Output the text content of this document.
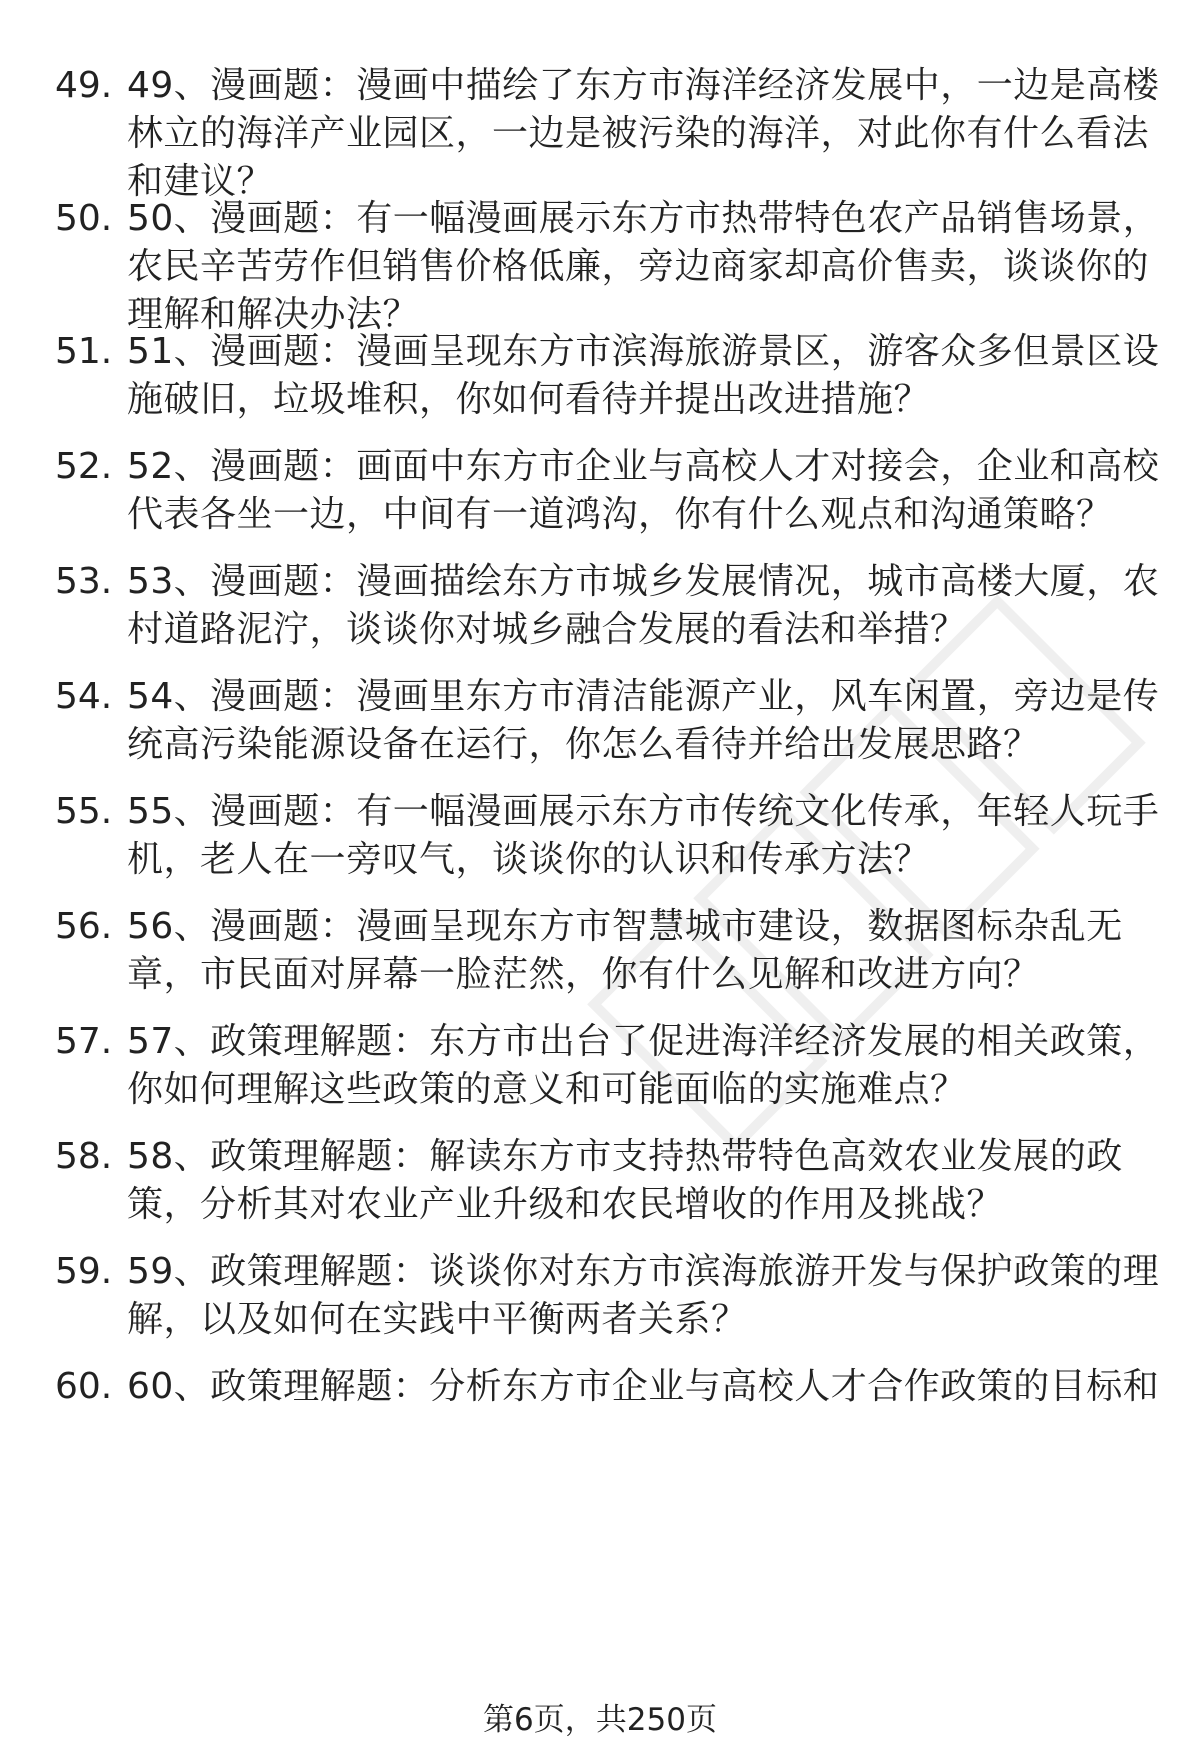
49. 49、漫画题：漫画中描绘了东方市海洋经济发展中，一边是高楼林立的海洋产业园区，一边是被污染的海洋，对此你有什么看法和建议？
50. 50、漫画题：有一幅漫画展示东方市热带特色农产品销售场景，农民辛苦劳作但销售价格低廉，旁边商家却高价售卖，谈谈你的理解和解决办法？
51. 51、漫画题：漫画呈现东方市滨海旅游景区，游客众多但景区设施破旧，垃圾堆积，你如何看待并提出改进措施？
52. 52、漫画题：画面中东方市企业与高校人才对接会，企业和高校代表各坐一边，中间有一道鸿沟，你有什么观点和沟通策略？
53. 53、漫画题：漫画描绘东方市城乡发展情况，城市高楼大厦，农村道路泥泞，谈谈你对城乡融合发展的看法和举措？
54. 54、漫画题：漫画里东方市清洁能源产业，风车闲置，旁边是传统高污染能源设备在运行，你怎么看待并给出发展思路？
55. 55、漫画题：有一幅漫画展示东方市传统文化传承，年轻人玩手机，老人在一旁叹气，谈谈你的认识和传承方法？
56. 56、漫画题：漫画呈现东方市智慧城市建设，数据图标杂乱无章，市民面对屏幕一脸茫然，你有什么见解和改进方向？
57. 57、政策理解题：东方市出台了促进海洋经济发展的相关政策，你如何理解这些政策的意义和可能面临的实施难点？
58. 58、政策理解题：解读东方市支持热带特色高效农业发展的政策，分析其对农业产业升级和农民增收的作用及挑战？
59. 59、政策理解题：谈谈你对东方市滨海旅游开发与保护政策的理解，以及如何在实践中平衡两者关系？
60. 60、政策理解题：分析东方市企业与高校人才合作政策的目标和
第6页，共250页
